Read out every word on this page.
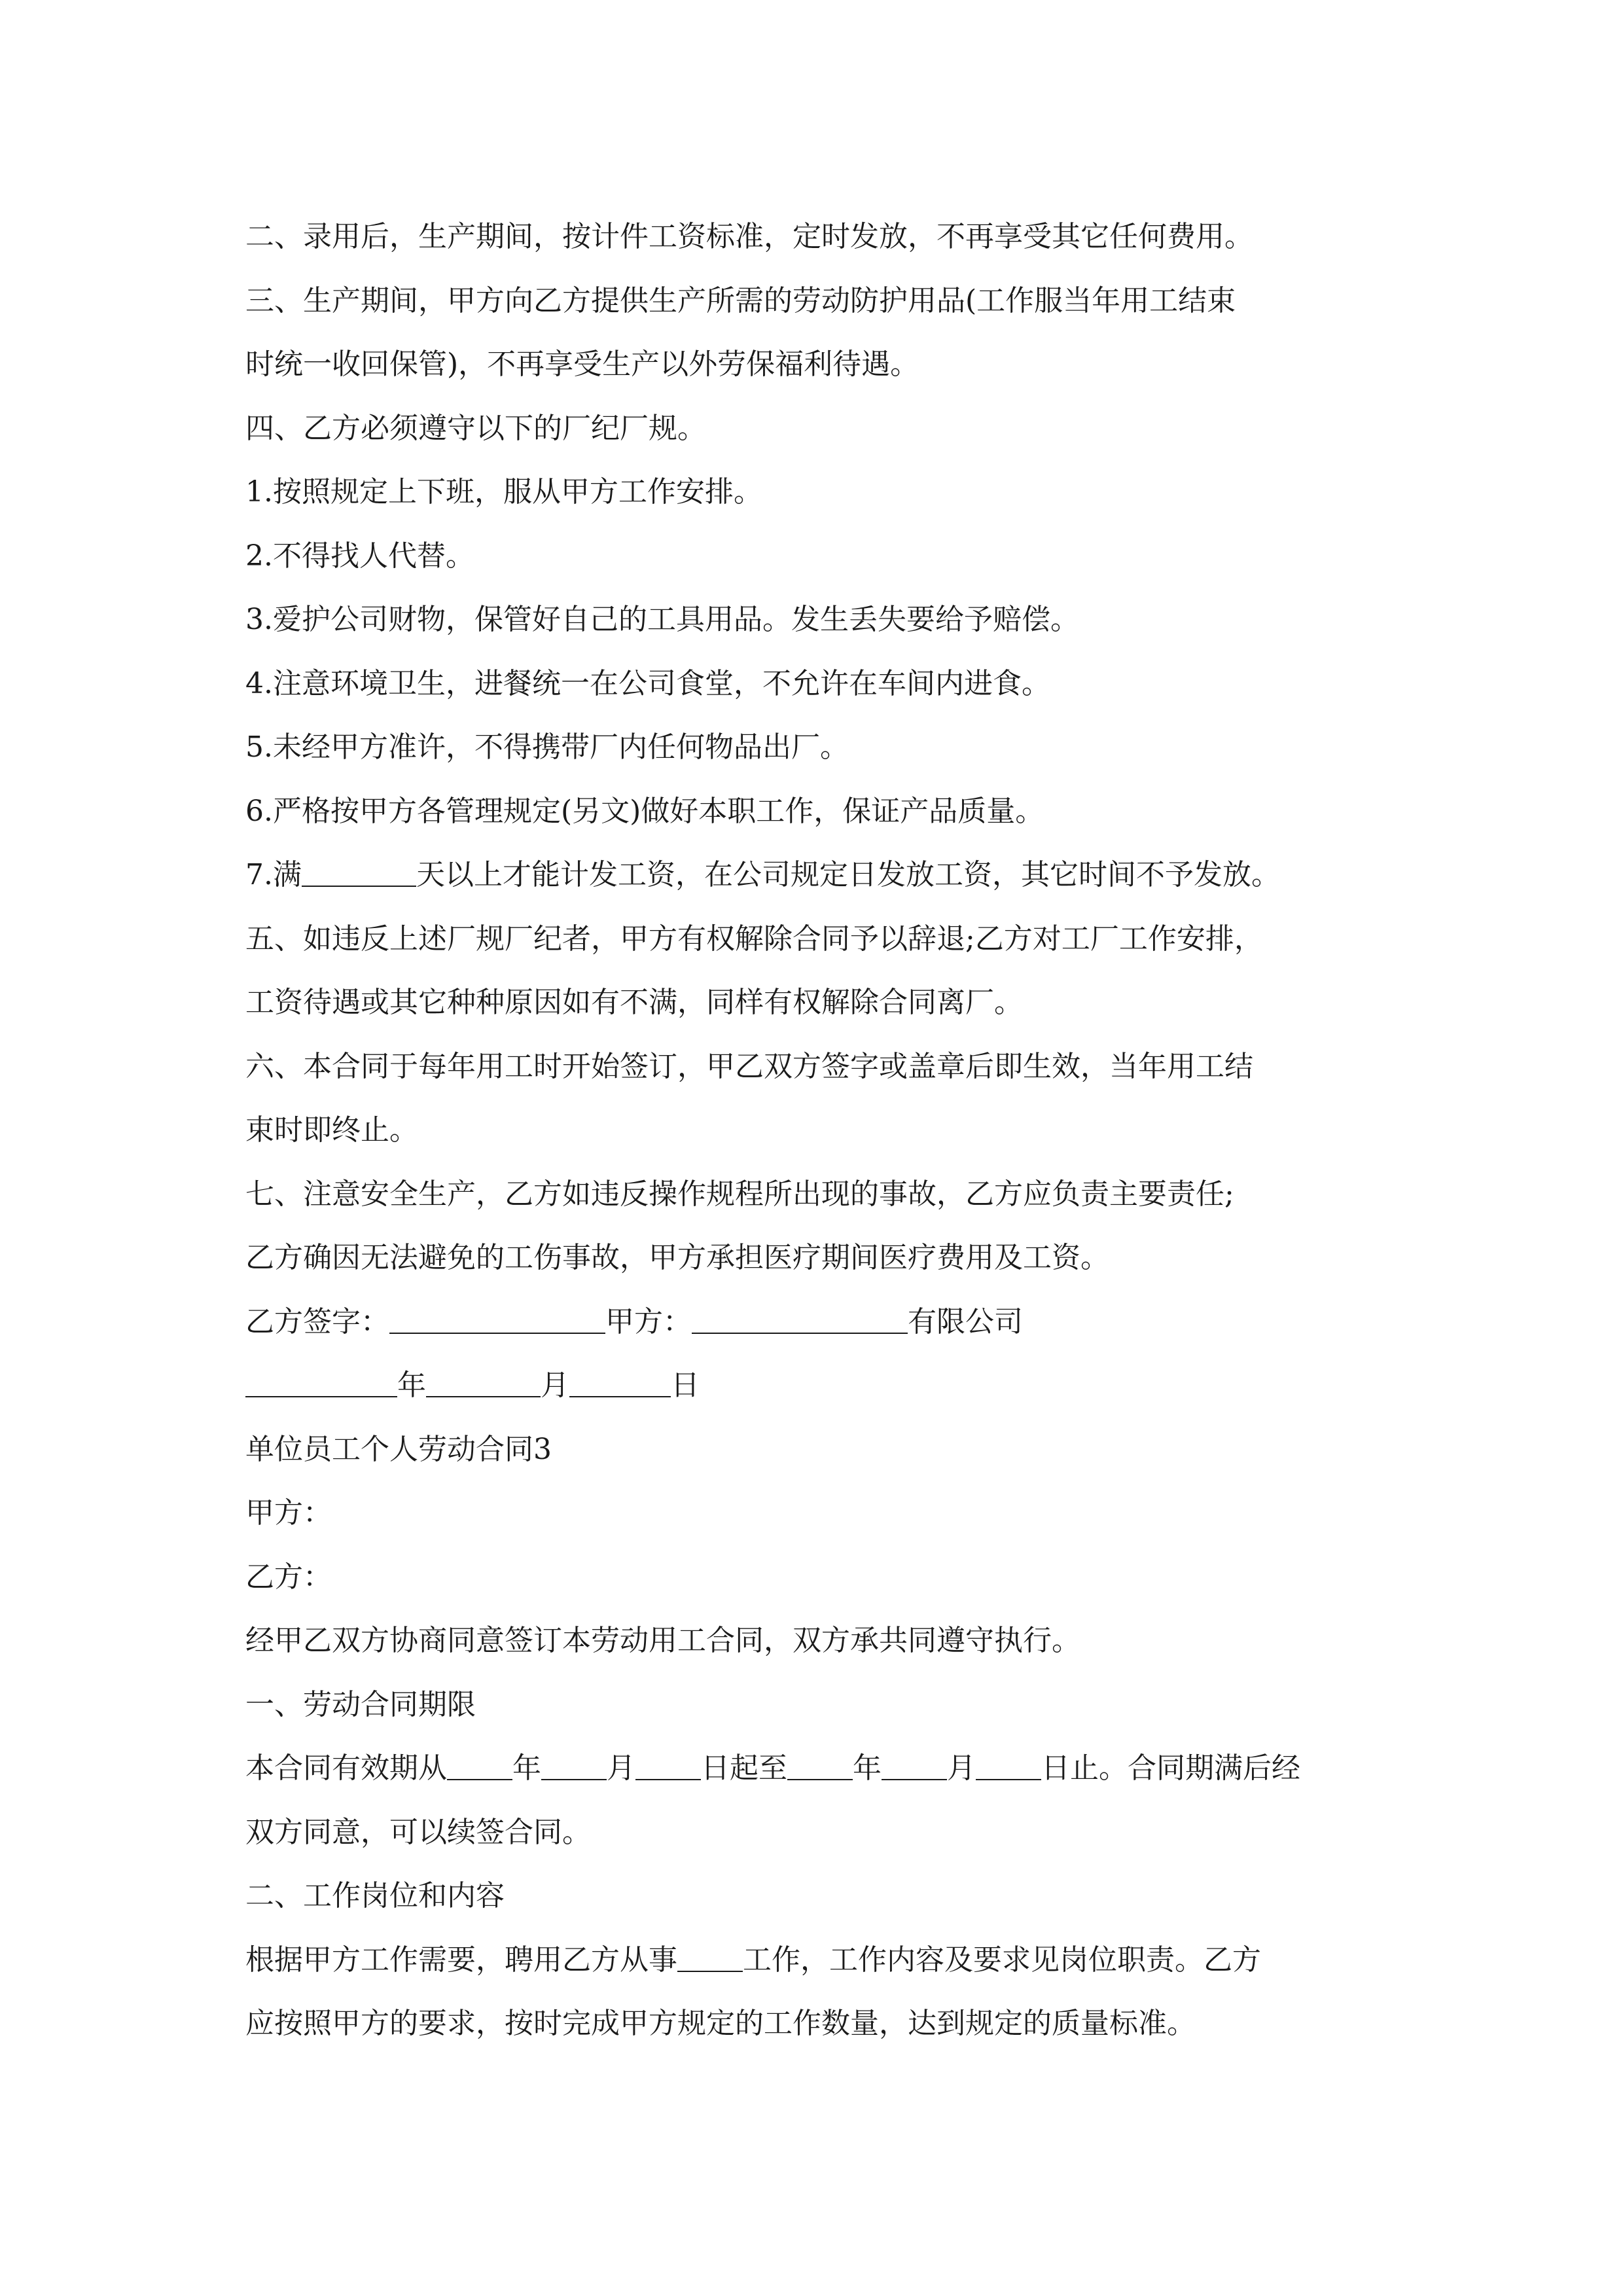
二、录用后，生产期间，按计件工资标准，定时发放，不再享受其它任何费用。
三、生产期间，甲方向乙方提供生产所需的劳动防护用品(工作服当年用工结束
时统一收回保管)，不再享受生产以外劳保福利待遇。
四、乙方必须遵守以下的厂纪厂规。
1.按照规定上下班，服从甲方工作安排。
2.不得找人代替。
3.爱护公司财物，保管好自己的工具用品。发生丢失要给予赔偿。
4.注意环境卫生，进餐统一在公司食堂，不允许在车间内进食。
5.未经甲方准许，不得携带厂内任何物品出厂。
6.严格按甲方各管理规定(另文)做好本职工作，保证产品质量。
7.满	天以上才能计发工资，在公司规定日发放工资，其它时间不予发放。
五、如违反上述厂规厂纪者，甲方有权解除合同予以辞退;乙方对工厂工作安排，
工资待遇或其它种种原因如有不满，同样有权解除合同离厂。
六、本合同于每年用工时开始签订，甲乙双方签字或盖章后即生效，当年用工结
束时即终止。
七、注意安全生产，乙方如违反操作规程所出现的事故，乙方应负责主要责任;
乙方确因无法避免的工伤事故，甲方承担医疗期间医疗费用及工资。
乙方签字：	甲方：	有限公司
年	月	日
单位员工个人劳动合同3
甲方：
乙方：
经甲乙双方协商同意签订本劳动用工合同，双方承共同遵守执行。
一、劳动合同期限
本合同有效期从 年 月 日起至 年 月 日止。合同期满后经
双方同意，可以续签合同。
二、工作岗位和内容
根据甲方工作需要，聘用乙方从事 工作，工作内容及要求见岗位职责。乙方
应按照甲方的要求，按时完成甲方规定的工作数量，达到规定的质量标准。
